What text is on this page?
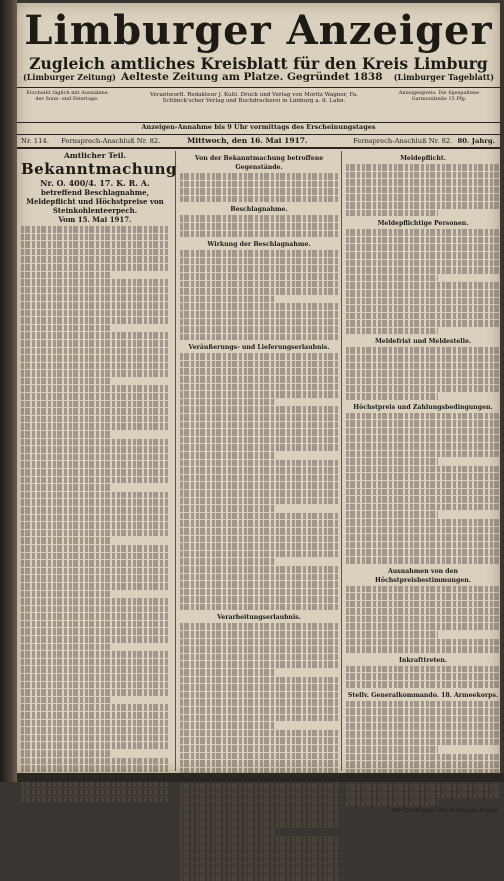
Limburger Anzeiger
Zugleich amtliches Kreisblatt für den Kreis Limburg
(Limburger Zeitung) Aelteste Zeitung am Platze. Gegründet 1838 (Limburger Tageblatt)
Erscheint täglich mit Ausnahme der Sonn- und Feiertage.
Verantwortl. Redakteur J. Kuhl. Druck und Verlag von Moritz Wagner, Fa. Schlinck'scher Verlag und Buchdruckerei in Limburg a. d. Lahn.
Anzeigenpreis: Die 6gespaltene Garmondzeile 15 Pfg.
Anzeigen-Annahme bis 9 Uhr vormittags des Erscheinungstages
Nr. 114. Fernsprech-Anschluß Nr. 82.	Mittwoch, den 16. Mai 1917.	Fernsprech-Anschluß Nr. 82. 80. Jahrg.
Amtlicher Teil.
Bekanntmachung
Nr. O. 400/4. 17. K. R. A.
betreffend Beschlagnahme, Meldepflicht und Höchstpreise von Steinkohlenteerpech.
Vom 15. Mai 1917.
Von der Bekanntmachung betroffene Gegenstände.
Beschlagnahme.
Wirkung der Beschlagnahme.
Veräußerungs- und Lieferungserlaubnis.
Verarbeitungserlaubnis.
Meldepflicht.
Meldepflichtige Personen.
Meldefrist und Meldestelle.
Höchstpreis und Zahlungsbedingungen.
Ausnahmen von den Höchstpreisbestimmungen.
Inkrafttreten.
Stellv. Generalkommando. 18. Armeekorps.
Der Vorsitzende des Kreisausschusses.
